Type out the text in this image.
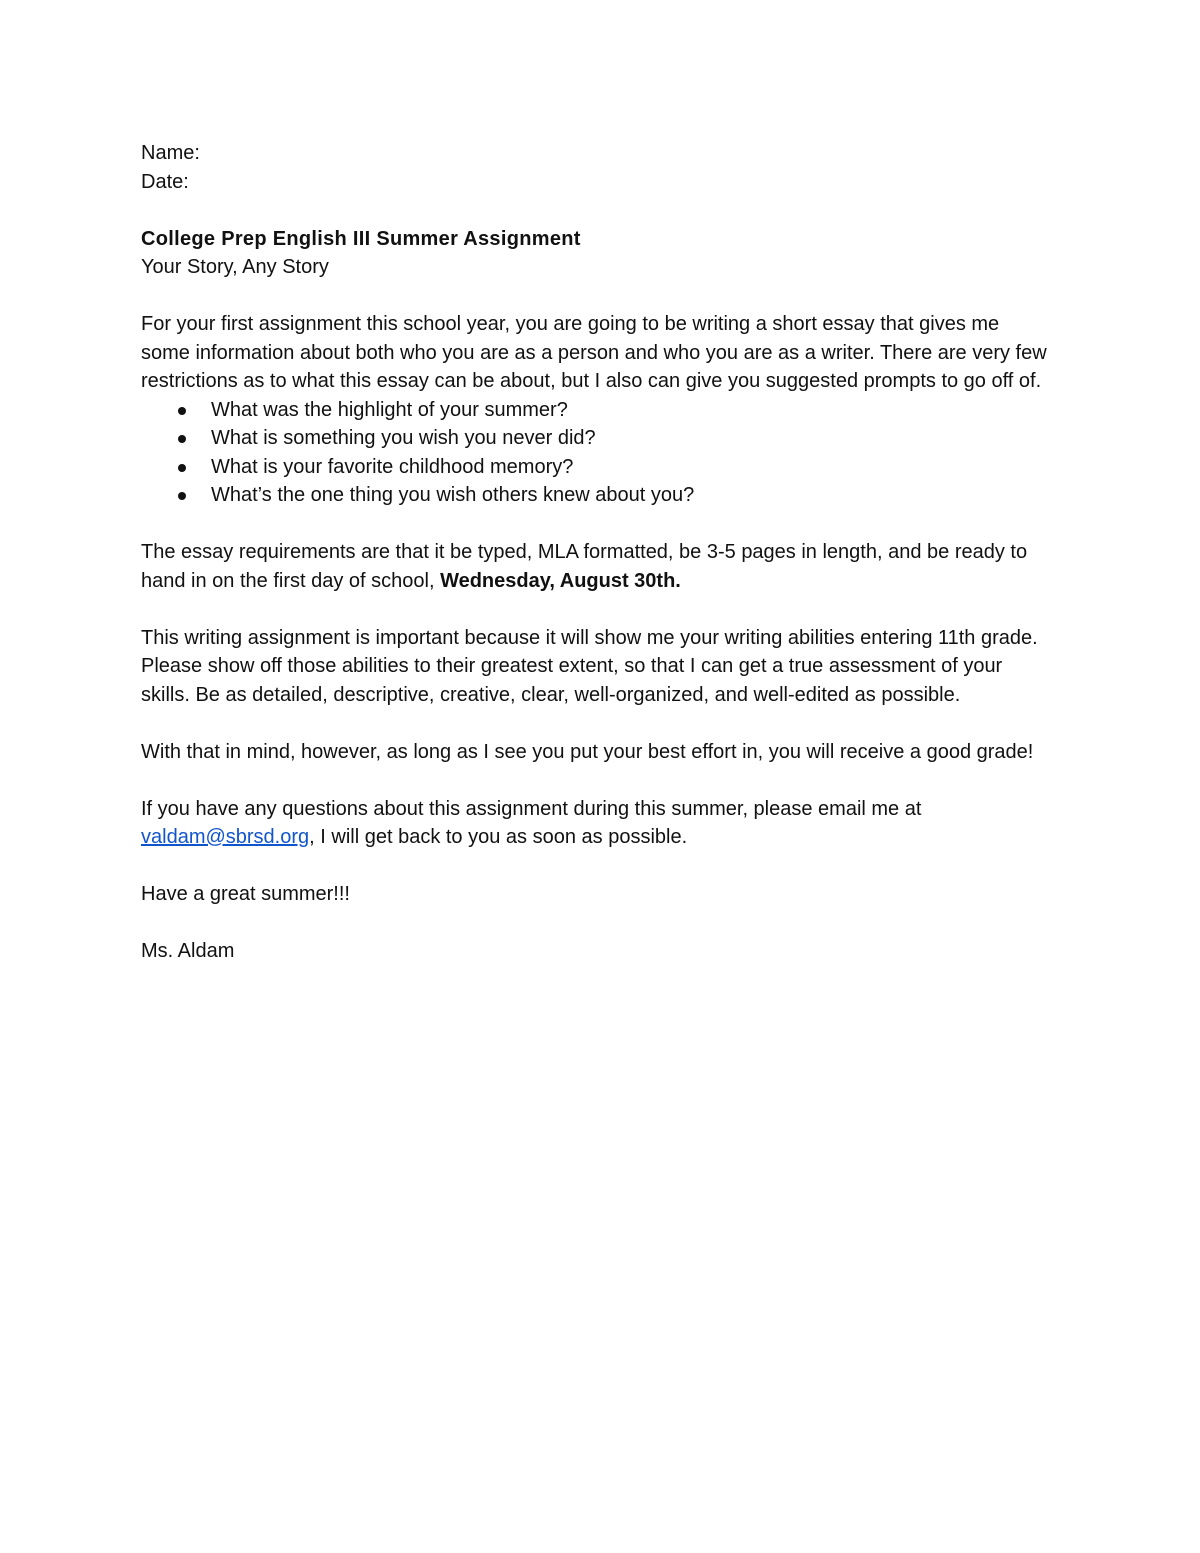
Name:

Date:

College Prep English III Summer Assignment

Your Story, Any Story

For your first assignment this school year, you are going to be writing a short essay that gives me some information about both who you are as a person and who you are as a writer. There are very few restrictions as to what this essay can be about, but I also can give you suggested prompts to go off of.

What was the highlight of your summer?
What is something you wish you never did?
What is your favorite childhood memory?
What’s the one thing you wish others knew about you?

The essay requirements are that it be typed, MLA formatted, be 3-5 pages in length, and be ready to hand in on the first day of school, Wednesday, August 30th.

This writing assignment is important because it will show me your writing abilities entering 11th grade. Please show off those abilities to their greatest extent, so that I can get a true assessment of your skills. Be as detailed, descriptive, creative, clear, well-organized, and well-edited as possible.

With that in mind, however, as long as I see you put your best effort in, you will receive a good grade!

If you have any questions about this assignment during this summer, please email me at valdam@sbrsd.org, I will get back to you as soon as possible.

Have a great summer!!!

Ms. Aldam
